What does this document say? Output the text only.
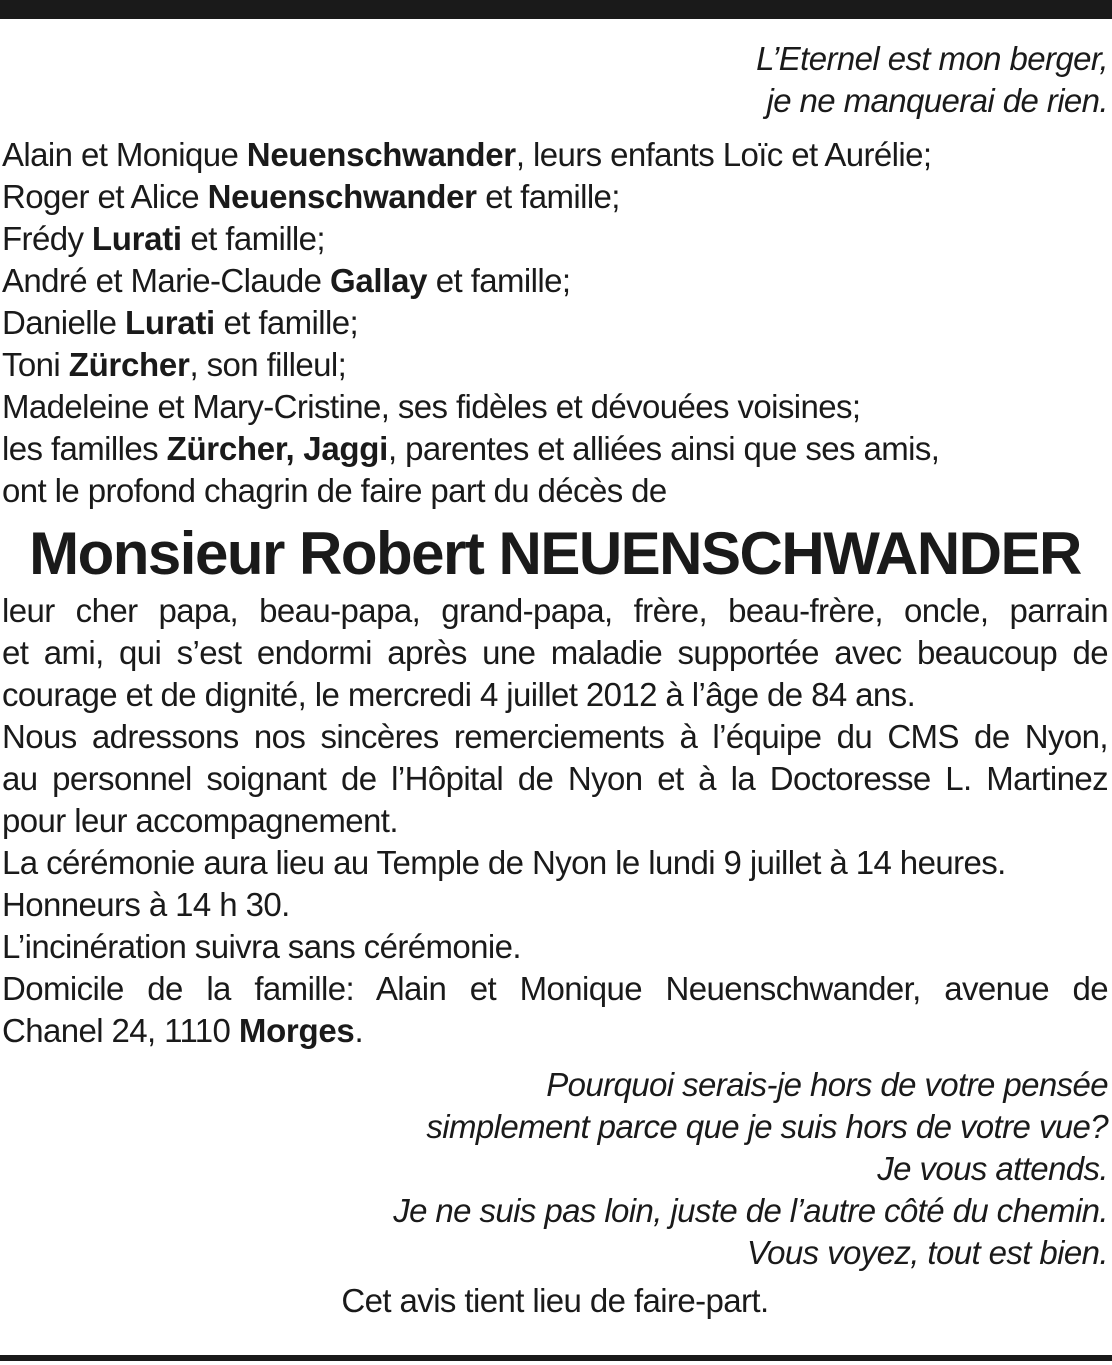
L’Eternel est mon berger,
je ne manquerai de rien.
Alain et Monique Neuenschwander, leurs enfants Loïc et Aurélie;
Roger et Alice Neuenschwander et famille;
Frédy Lurati et famille;
André et Marie-Claude Gallay et famille;
Danielle Lurati et famille;
Toni Zürcher, son filleul;
Madeleine et Mary-Cristine, ses fidèles et dévouées voisines;
les familles Zürcher, Jaggi, parentes et alliées ainsi que ses amis,
ont le profond chagrin de faire part du décès de
Monsieur Robert NEUENSCHWANDER
leur cher papa, beau-papa, grand-papa, frère, beau-frère, oncle, parrain
et ami, qui s’est endormi après une maladie supportée avec beaucoup de
courage et de dignité, le mercredi 4 juillet 2012 à l’âge de 84 ans.
Nous adressons nos sincères remerciements à l’équipe du CMS de Nyon,
au personnel soignant de l’Hôpital de Nyon et à la Doctoresse L. Martinez
pour leur accompagnement.
La cérémonie aura lieu au Temple de Nyon le lundi 9 juillet à 14 heures.
Honneurs à 14 h 30.
L’incinération suivra sans cérémonie.
Domicile de la famille: Alain et Monique Neuenschwander, avenue de
Chanel 24, 1110 Morges.
Pourquoi serais-je hors de votre pensée
simplement parce que je suis hors de votre vue?
Je vous attends.
Je ne suis pas loin, juste de l’autre côté du chemin.
Vous voyez, tout est bien.
Cet avis tient lieu de faire-part.
